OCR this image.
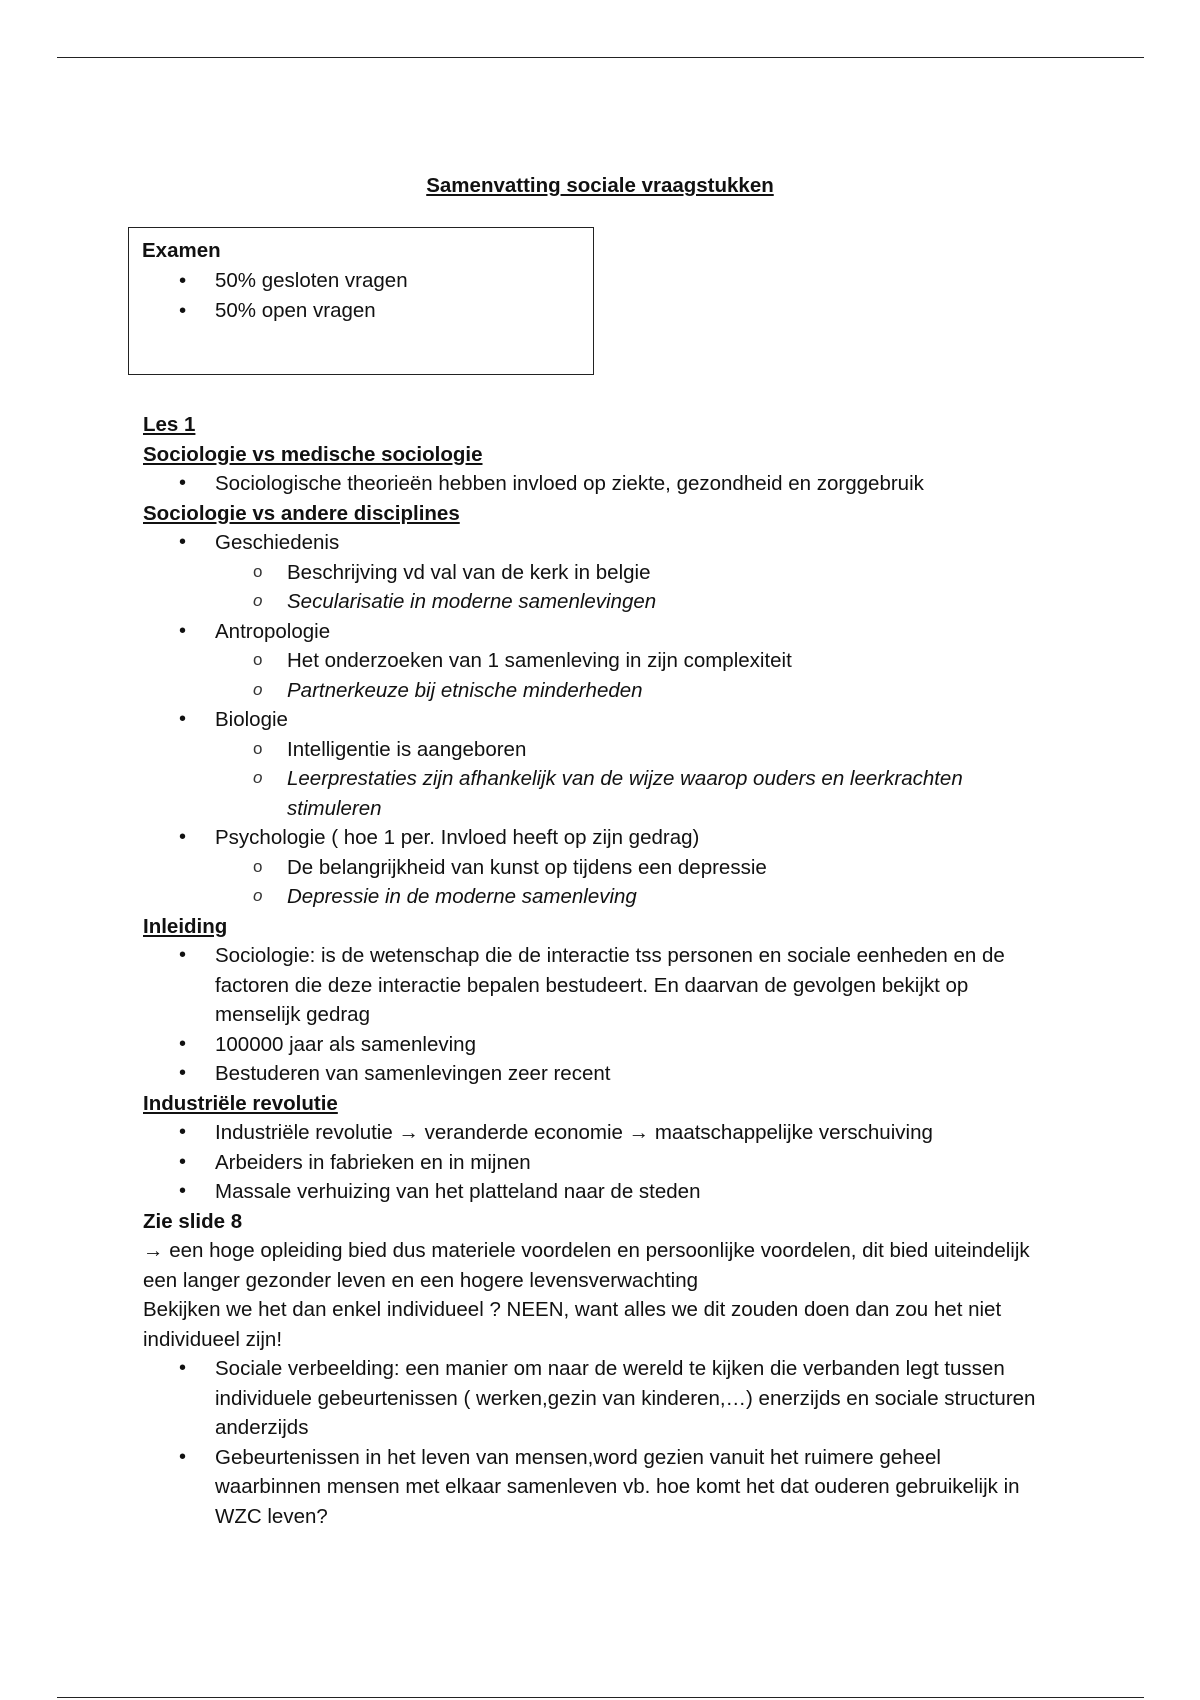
Samenvatting sociale vraagstukken
Examen
• 50% gesloten vragen
• 50% open vragen

Les 1

Sociologie vs medische sociologie

• Sociologische theorieën hebben invloed op ziekte, gezondheid en zorggebruik

Sociologie vs andere disciplines

• Geschiedenis
o Beschrijving vd val van de kerk in belgie
o Secularisatie in moderne samenlevingen
• Antropologie
o Het onderzoeken van 1 samenleving in zijn complexiteit
o Partnerkeuze bij etnische minderheden
• Biologie
o Intelligentie is aangeboren
o Leerprestaties zijn afhankelijk van de wijze waarop ouders en leerkrachten stimuleren
• Psychologie ( hoe 1 per. Invloed heeft op zijn gedrag)
o De belangrijkheid van kunst op tijdens een depressie
o Depressie in de moderne samenleving

Inleiding

• Sociologie: is de wetenschap die de interactie tss personen en sociale eenheden en de factoren die deze interactie bepalen bestudeert. En daarvan de gevolgen bekijkt op menselijk gedrag
• 100000 jaar als samenleving
• Bestuderen van samenlevingen zeer recent

Industriële revolutie

• Industriële revolutie → veranderde economie → maatschappelijke verschuiving
• Arbeiders in fabrieken en in mijnen
• Massale verhuizing van het platteland naar de steden

Zie slide 8

→ een hoge opleiding bied dus materiele voordelen en persoonlijke voordelen, dit bied uiteindelijk een langer gezonder leven en een hogere levensverwachting

Bekijken we het dan enkel individueel ? NEEN, want alles we dit zouden doen dan zou het niet individueel zijn!

• Sociale verbeelding: een manier om naar de wereld te kijken die verbanden legt tussen individuele gebeurtenissen ( werken,gezin van kinderen,…) enerzijds en sociale structuren anderzijds
• Gebeurtenissen in het leven van mensen,word gezien vanuit het ruimere geheel waarbinnen mensen met elkaar samenleven vb. hoe komt het dat ouderen gebruikelijk in WZC leven?
